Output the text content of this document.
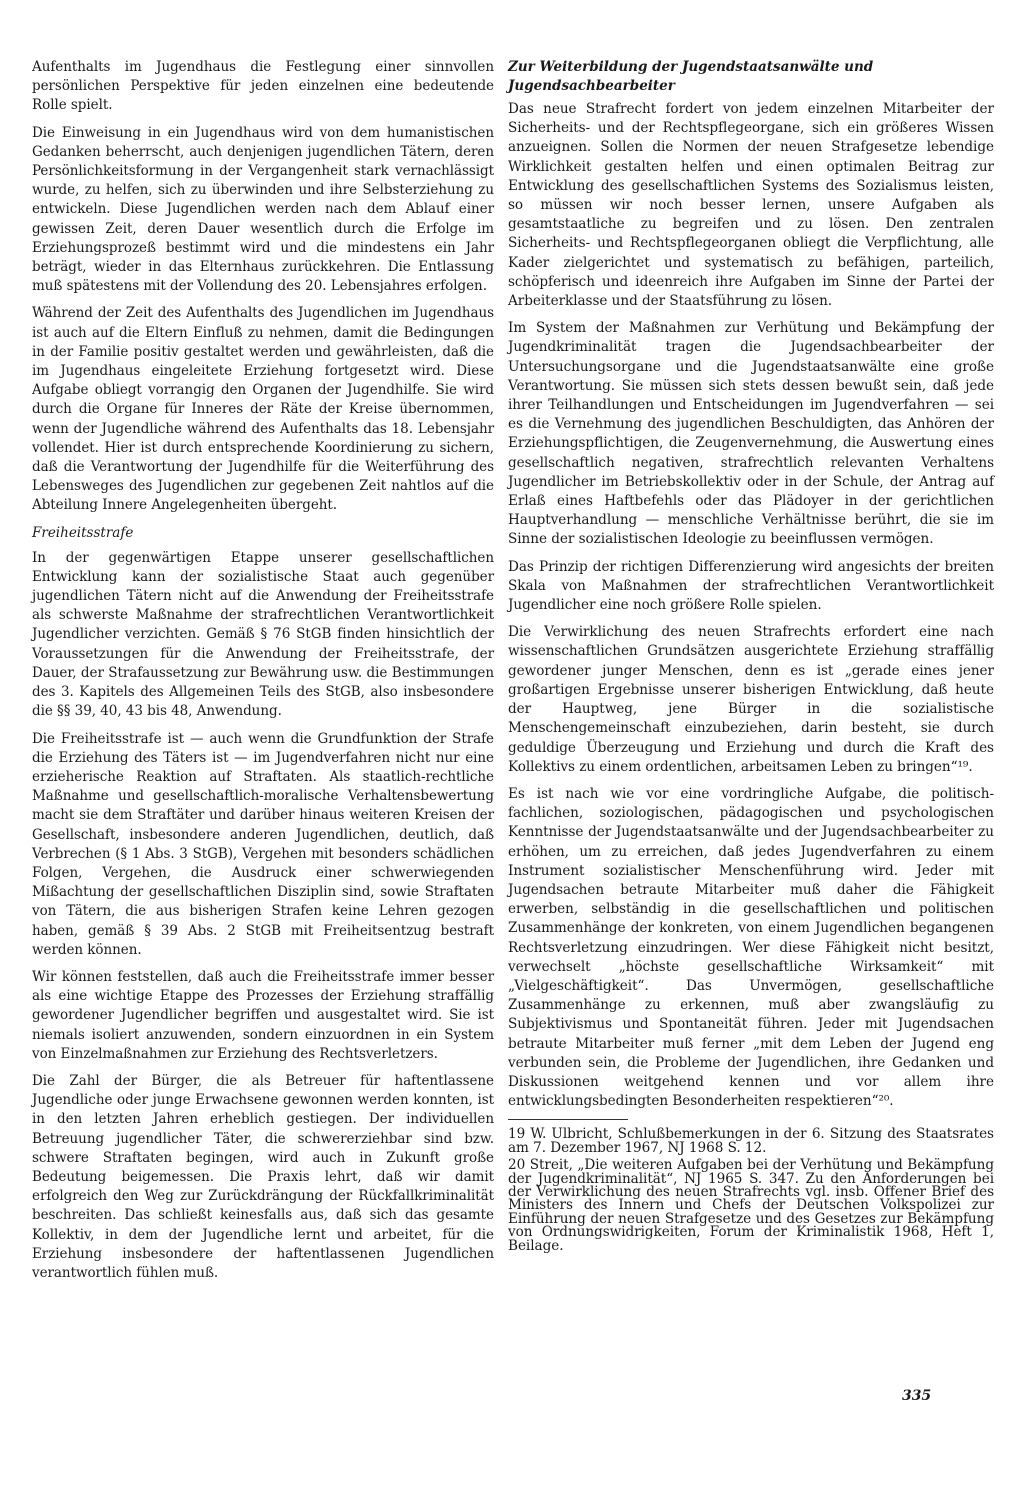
Aufenthalts im Jugendhaus die Festlegung einer sinnvollen persönlichen Perspektive für jeden einzelnen eine bedeutende Rolle spielt.

Die Einweisung in ein Jugendhaus wird von dem humanistischen Gedanken beherrscht, auch denjenigen jugendlichen Tätern, deren Persönlichkeitsformung in der Vergangenheit stark vernachlässigt wurde, zu helfen, sich zu überwinden und ihre Selbsterziehung zu entwickeln. Diese Jugendlichen werden nach dem Ablauf einer gewissen Zeit, deren Dauer wesentlich durch die Erfolge im Erziehungsprozeß bestimmt wird und die mindestens ein Jahr beträgt, wieder in das Elternhaus zurückkehren. Die Entlassung muß spätestens mit der Vollendung des 20. Lebensjahres erfolgen.

Während der Zeit des Aufenthalts des Jugendlichen im Jugendhaus ist auch auf die Eltern Einfluß zu nehmen, damit die Bedingungen in der Familie positiv gestaltet werden und gewährleisten, daß die im Jugendhaus eingeleitete Erziehung fortgesetzt wird. Diese Aufgabe obliegt vorrangig den Organen der Jugendhilfe. Sie wird durch die Organe für Inneres der Räte der Kreise übernommen, wenn der Jugendliche während des Aufenthalts das 18. Lebensjahr vollendet. Hier ist durch entsprechende Koordinierung zu sichern, daß die Verantwortung der Jugendhilfe für die Weiterführung des Lebensweges des Jugendlichen zur gegebenen Zeit nahtlos auf die Abteilung Innere Angelegenheiten übergeht.

Freiheitsstrafe

In der gegenwärtigen Etappe unserer gesellschaftlichen Entwicklung kann der sozialistische Staat auch gegenüber jugendlichen Tätern nicht auf die Anwendung der Freiheitsstrafe als schwerste Maßnahme der strafrechtlichen Verantwortlichkeit Jugendlicher verzichten. Gemäß § 76 StGB finden hinsichtlich der Voraussetzungen für die Anwendung der Freiheitsstrafe, der Dauer, der Strafaussetzung zur Bewährung usw. die Bestimmungen des 3. Kapitels des Allgemeinen Teils des StGB, also insbesondere die §§ 39, 40, 43 bis 48, Anwendung.

Die Freiheitsstrafe ist — auch wenn die Grundfunktion der Strafe die Erziehung des Täters ist — im Jugendverfahren nicht nur eine erzieherische Reaktion auf Straftaten. Als staatlich-rechtliche Maßnahme und gesellschaftlich-moralische Verhaltensbewertung macht sie dem Straftäter und darüber hinaus weiteren Kreisen der Gesellschaft, insbesondere anderen Jugendlichen, deutlich, daß Verbrechen (§ 1 Abs. 3 StGB), Vergehen mit besonders schädlichen Folgen, Vergehen, die Ausdruck einer schwerwiegenden Mißachtung der gesellschaftlichen Disziplin sind, sowie Straftaten von Tätern, die aus bisherigen Strafen keine Lehren gezogen haben, gemäß § 39 Abs. 2 StGB mit Freiheitsentzug bestraft werden können.

Wir können feststellen, daß auch die Freiheitsstrafe immer besser als eine wichtige Etappe des Prozesses der Erziehung straffällig gewordener Jugendlicher begriffen und ausgestaltet wird. Sie ist niemals isoliert anzuwenden, sondern einzuordnen in ein System von Einzelmaßnahmen zur Erziehung des Rechtsverletzers.

Die Zahl der Bürger, die als Betreuer für haftentlassene Jugendliche oder junge Erwachsene gewonnen werden konnten, ist in den letzten Jahren erheblich gestiegen. Der individuellen Betreuung jugendlicher Täter, die schwererziehbar sind bzw. schwere Straftaten begingen, wird auch in Zukunft große Bedeutung beigemessen. Die Praxis lehrt, daß wir damit erfolgreich den Weg zur Zurückdrängung der Rückfallkriminalität beschreiten. Das schließt keinesfalls aus, daß sich das gesamte Kollektiv, in dem der Jugendliche lernt und arbeitet, für die Erziehung insbesondere der haftentlassenen Jugendlichen verantwortlich fühlen muß.

Zur Weiterbildung der Jugendstaatsanwälte und Jugendsachbearbeiter

Das neue Strafrecht fordert von jedem einzelnen Mitarbeiter der Sicherheits- und der Rechtspflegeorgane, sich ein größeres Wissen anzueignen. Sollen die Normen der neuen Strafgesetze lebendige Wirklichkeit gestalten helfen und einen optimalen Beitrag zur Entwicklung des gesellschaftlichen Systems des Sozialismus leisten, so müssen wir noch besser lernen, unsere Aufgaben als gesamtstaatliche zu begreifen und zu lösen. Den zentralen Sicherheits- und Rechtspflegeorganen obliegt die Verpflichtung, alle Kader zielgerichtet und systematisch zu befähigen, parteilich, schöpferisch und ideenreich ihre Aufgaben im Sinne der Partei der Arbeiterklasse und der Staatsführung zu lösen.

Im System der Maßnahmen zur Verhütung und Bekämpfung der Jugendkriminalität tragen die Jugendsachbearbeiter der Untersuchungsorgane und die Jugendstaatsanwälte eine große Verantwortung. Sie müssen sich stets dessen bewußt sein, daß jede ihrer Teilhandlungen und Entscheidungen im Jugendverfahren — sei es die Vernehmung des jugendlichen Beschuldigten, das Anhören der Erziehungspflichtigen, die Zeugenvernehmung, die Auswertung eines gesellschaftlich negativen, strafrechtlich relevanten Verhaltens Jugendlicher im Betriebskollektiv oder in der Schule, der Antrag auf Erlaß eines Haftbefehls oder das Plädoyer in der gerichtlichen Hauptverhandlung — menschliche Verhältnisse berührt, die sie im Sinne der sozialistischen Ideologie zu beeinflussen vermögen.

Das Prinzip der richtigen Differenzierung wird angesichts der breiten Skala von Maßnahmen der strafrechtlichen Verantwortlichkeit Jugendlicher eine noch größere Rolle spielen.

Die Verwirklichung des neuen Strafrechts erfordert eine nach wissenschaftlichen Grundsätzen ausgerichtete Erziehung straffällig gewordener junger Menschen, denn es ist „gerade eines jener großartigen Ergebnisse unserer bisherigen Entwicklung, daß heute der Hauptweg, jene Bürger in die sozialistische Menschengemeinschaft einzubeziehen, darin besteht, sie durch geduldige Überzeugung und Erziehung und durch die Kraft des Kollektivs zu einem ordentlichen, arbeitsamen Leben zu bringen“¹⁹.

Es ist nach wie vor eine vordringliche Aufgabe, die politisch-fachlichen, soziologischen, pädagogischen und psychologischen Kenntnisse der Jugendstaatsanwälte und der Jugendsachbearbeiter zu erhöhen, um zu erreichen, daß jedes Jugendverfahren zu einem Instrument sozialistischer Menschenführung wird. Jeder mit Jugendsachen betraute Mitarbeiter muß daher die Fähigkeit erwerben, selbständig in die gesellschaftlichen und politischen Zusammenhänge der konkreten, von einem Jugendlichen begangenen Rechtsverletzung einzudringen. Wer diese Fähigkeit nicht besitzt, verwechselt „höchste gesellschaftliche Wirksamkeit“ mit „Vielgeschäftigkeit“. Das Unvermögen, gesellschaftliche Zusammenhänge zu erkennen, muß aber zwangsläufig zu Subjektivismus und Spontaneität führen. Jeder mit Jugendsachen betraute Mitarbeiter muß ferner „mit dem Leben der Jugend eng verbunden sein, die Probleme der Jugendlichen, ihre Gedanken und Diskussionen weitgehend kennen und vor allem ihre entwicklungsbedingten Besonderheiten respektieren“²⁰.

19 W. Ulbricht, Schlußbemerkungen in der 6. Sitzung des Staatsrates am 7. Dezember 1967, NJ 1968 S. 12.

20 Streit, „Die weiteren Aufgaben bei der Verhütung und Bekämpfung der Jugendkriminalität“, NJ 1965 S. 347. Zu den Anforderungen bei der Verwirklichung des neuen Strafrechts vgl. insb. Offener Brief des Ministers des Innern und Chefs der Deutschen Volkspolizei zur Einführung der neuen Strafgesetze und des Gesetzes zur Bekämpfung von Ordnungswidrigkeiten, Forum der Kriminalistik 1968, Heft 1, Beilage.

335
